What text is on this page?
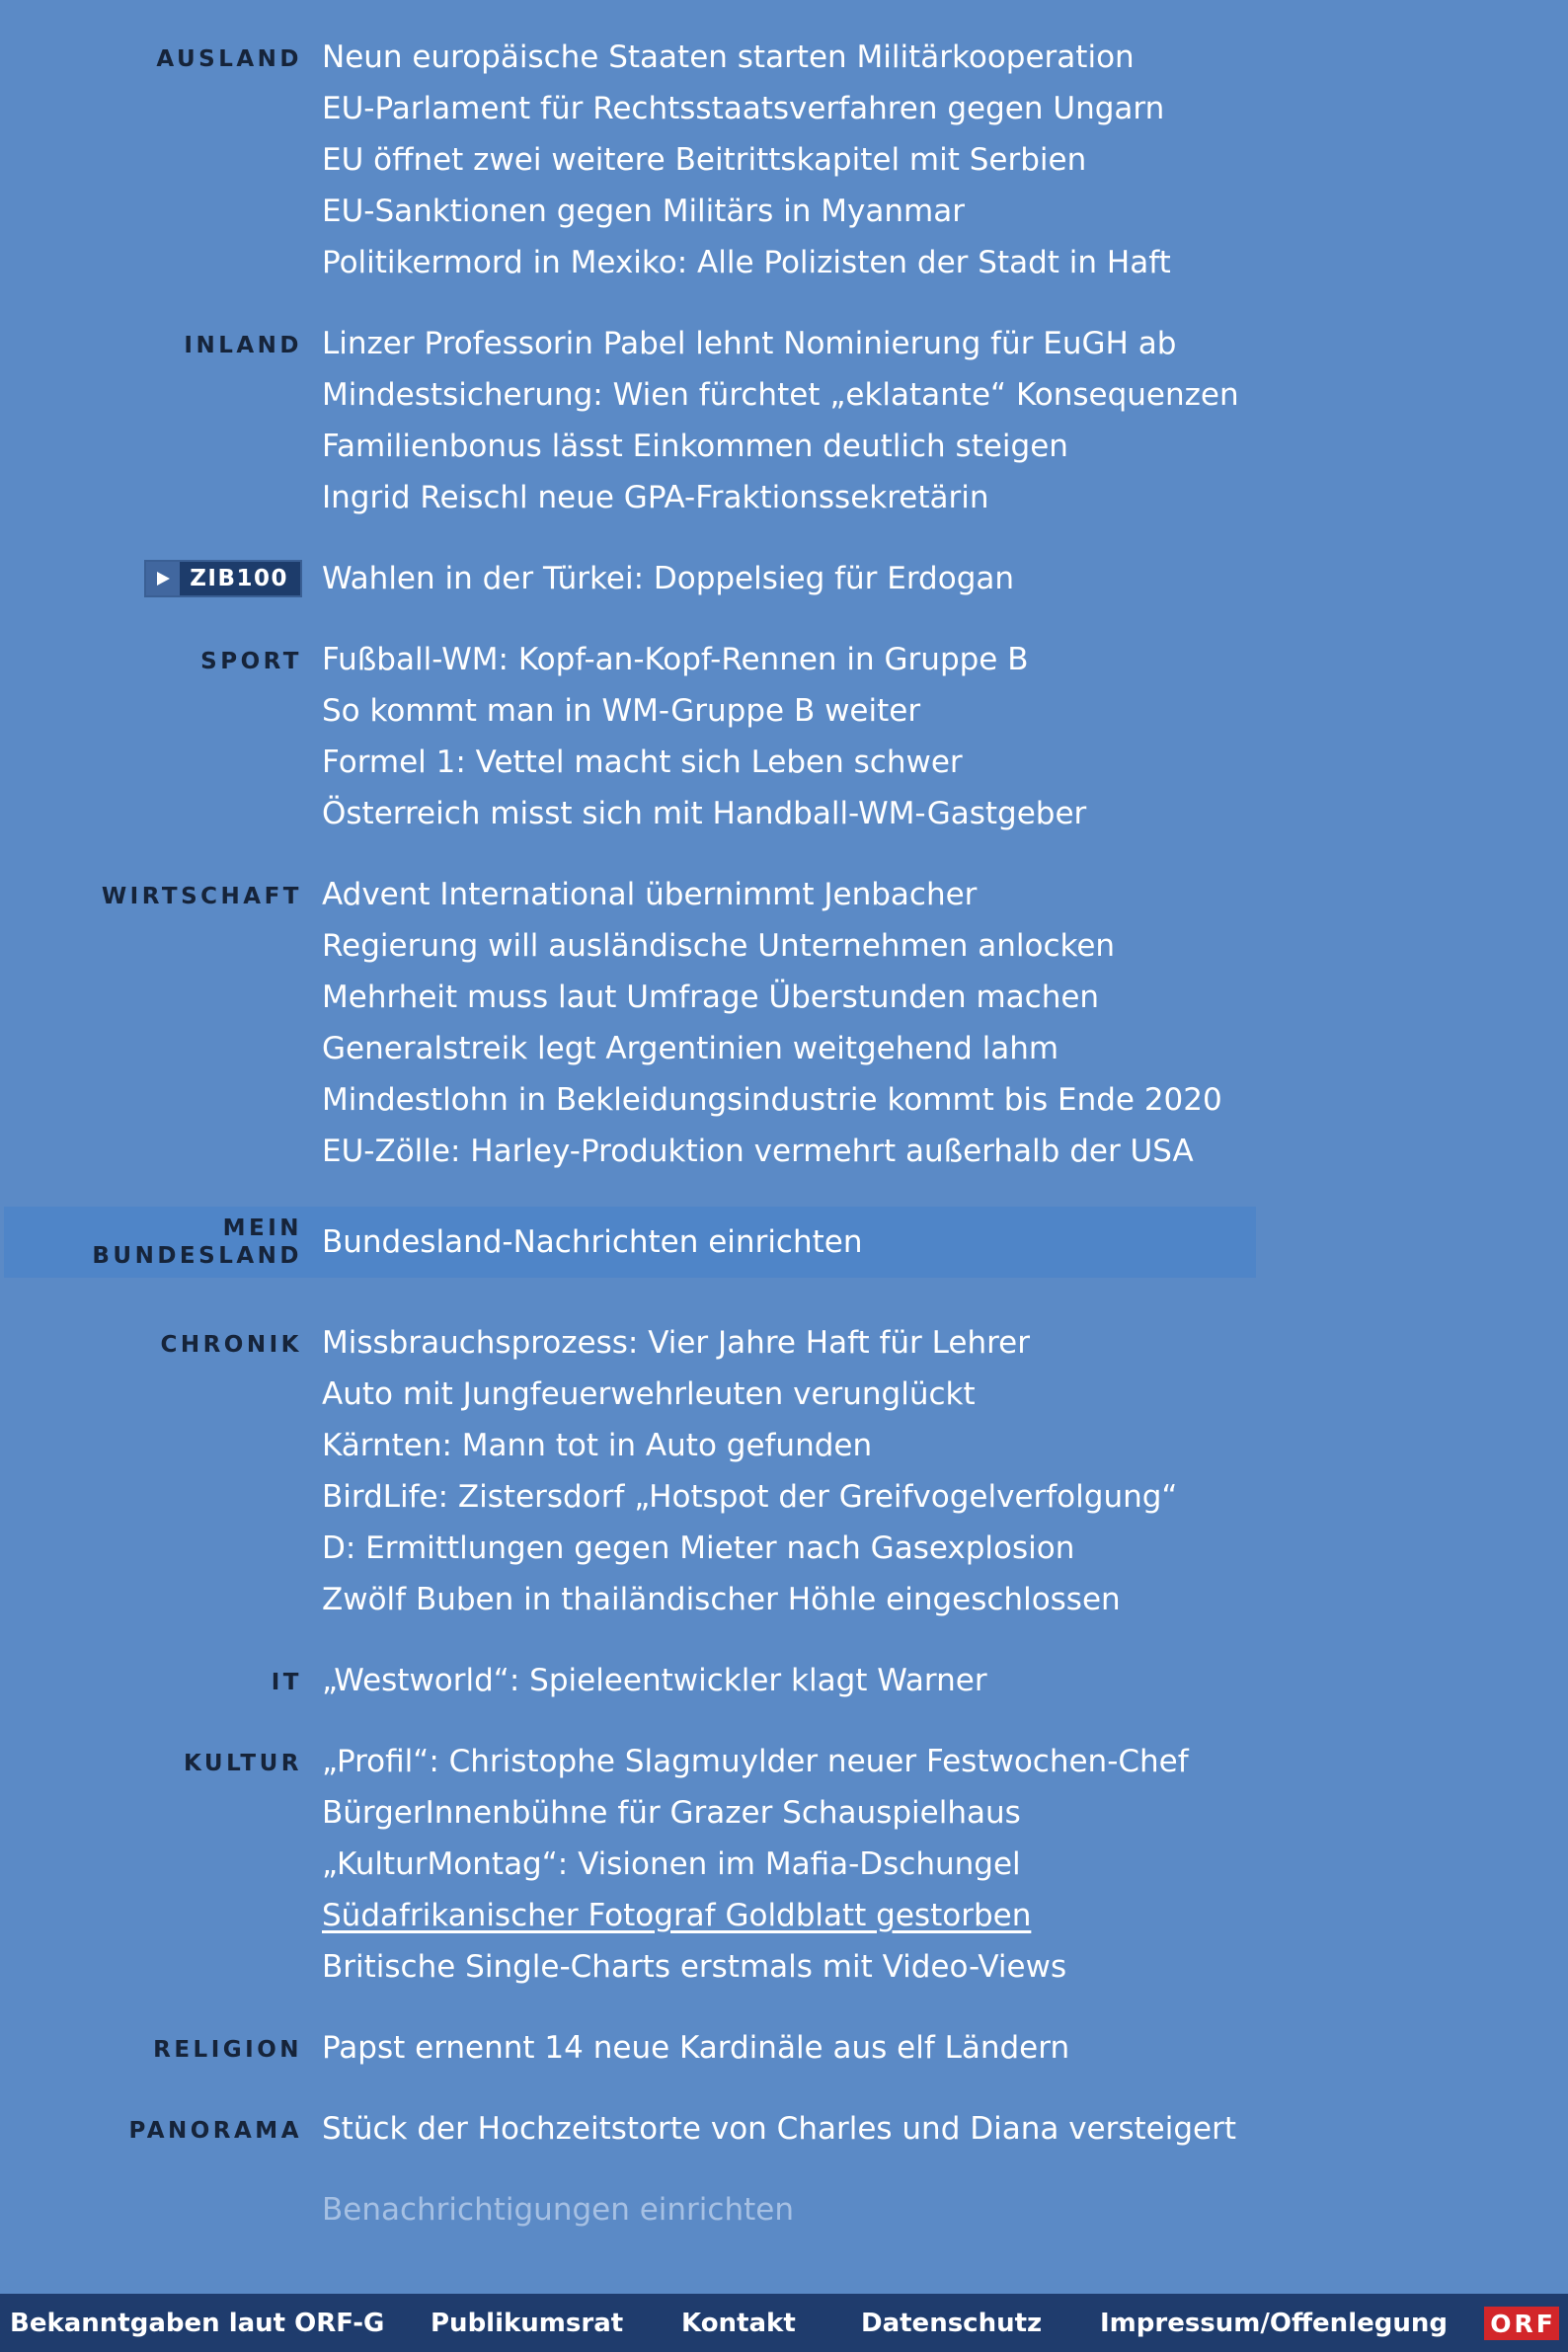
AUSLAND Neun europäische Staaten starten Militärkooperation
EU-Parlament für Rechtsstaatsverfahren gegen Ungarn
EU öffnet zwei weitere Beitrittskapitel mit Serbien
EU-Sanktionen gegen Militärs in Myanmar
Politikermord in Mexiko: Alle Polizisten der Stadt in Haft
INLAND Linzer Professorin Pabel lehnt Nominierung für EuGH ab
Mindestsicherung: Wien fürchtet „eklatante“ Konsequenzen
Familienbonus lässt Einkommen deutlich steigen
Ingrid Reischl neue GPA-Fraktionssekretärin
ZIB100	Wahlen in der Türkei: Doppelsieg für Erdogan
SPORT Fußball-WM: Kopf-an-Kopf-Rennen in Gruppe B
So kommt man in WM-Gruppe B weiter
Formel 1: Vettel macht sich Leben schwer
Österreich misst sich mit Handball-WM-Gastgeber
WIRTSCHAFT Advent International übernimmt Jenbacher
Regierung will ausländische Unternehmen anlocken
Mehrheit muss laut Umfrage Überstunden machen
Generalstreik legt Argentinien weitgehend lahm
Mindestlohn in Bekleidungsindustrie kommt bis Ende 2020
EU-Zölle: Harley-Produktion vermehrt außerhalb der USA
MEIN BUNDESLAND Bundesland-Nachrichten einrichten
CHRONIK Missbrauchsprozess: Vier Jahre Haft für Lehrer
Auto mit Jungfeuerwehrleuten verunglückt
Kärnten: Mann tot in Auto gefunden
BirdLife: Zistersdorf „Hotspot der Greifvogelverfolgung“
D: Ermittlungen gegen Mieter nach Gasexplosion
Zwölf Buben in thailändischer Höhle eingeschlossen
IT „Westworld“: Spieleentwickler klagt Warner
KULTUR „Profil“: Christophe Slagmuylder neuer Festwochen-Chef
BürgerInnenbühne für Grazer Schauspielhaus
„KulturMontag“: Visionen im Mafia-Dschungel
Südafrikanischer Fotograf Goldblatt gestorben
Britische Single-Charts erstmals mit Video-Views
RELIGION Papst ernennt 14 neue Kardinäle aus elf Ländern
PANORAMA Stück der Hochzeitstorte von Charles und Diana versteigert
Benachrichtigungen einrichten
Bekanntgaben laut ORF-G Publikumsrat Kontakt	Datenschutz Impressum/Offenlegung ORF
